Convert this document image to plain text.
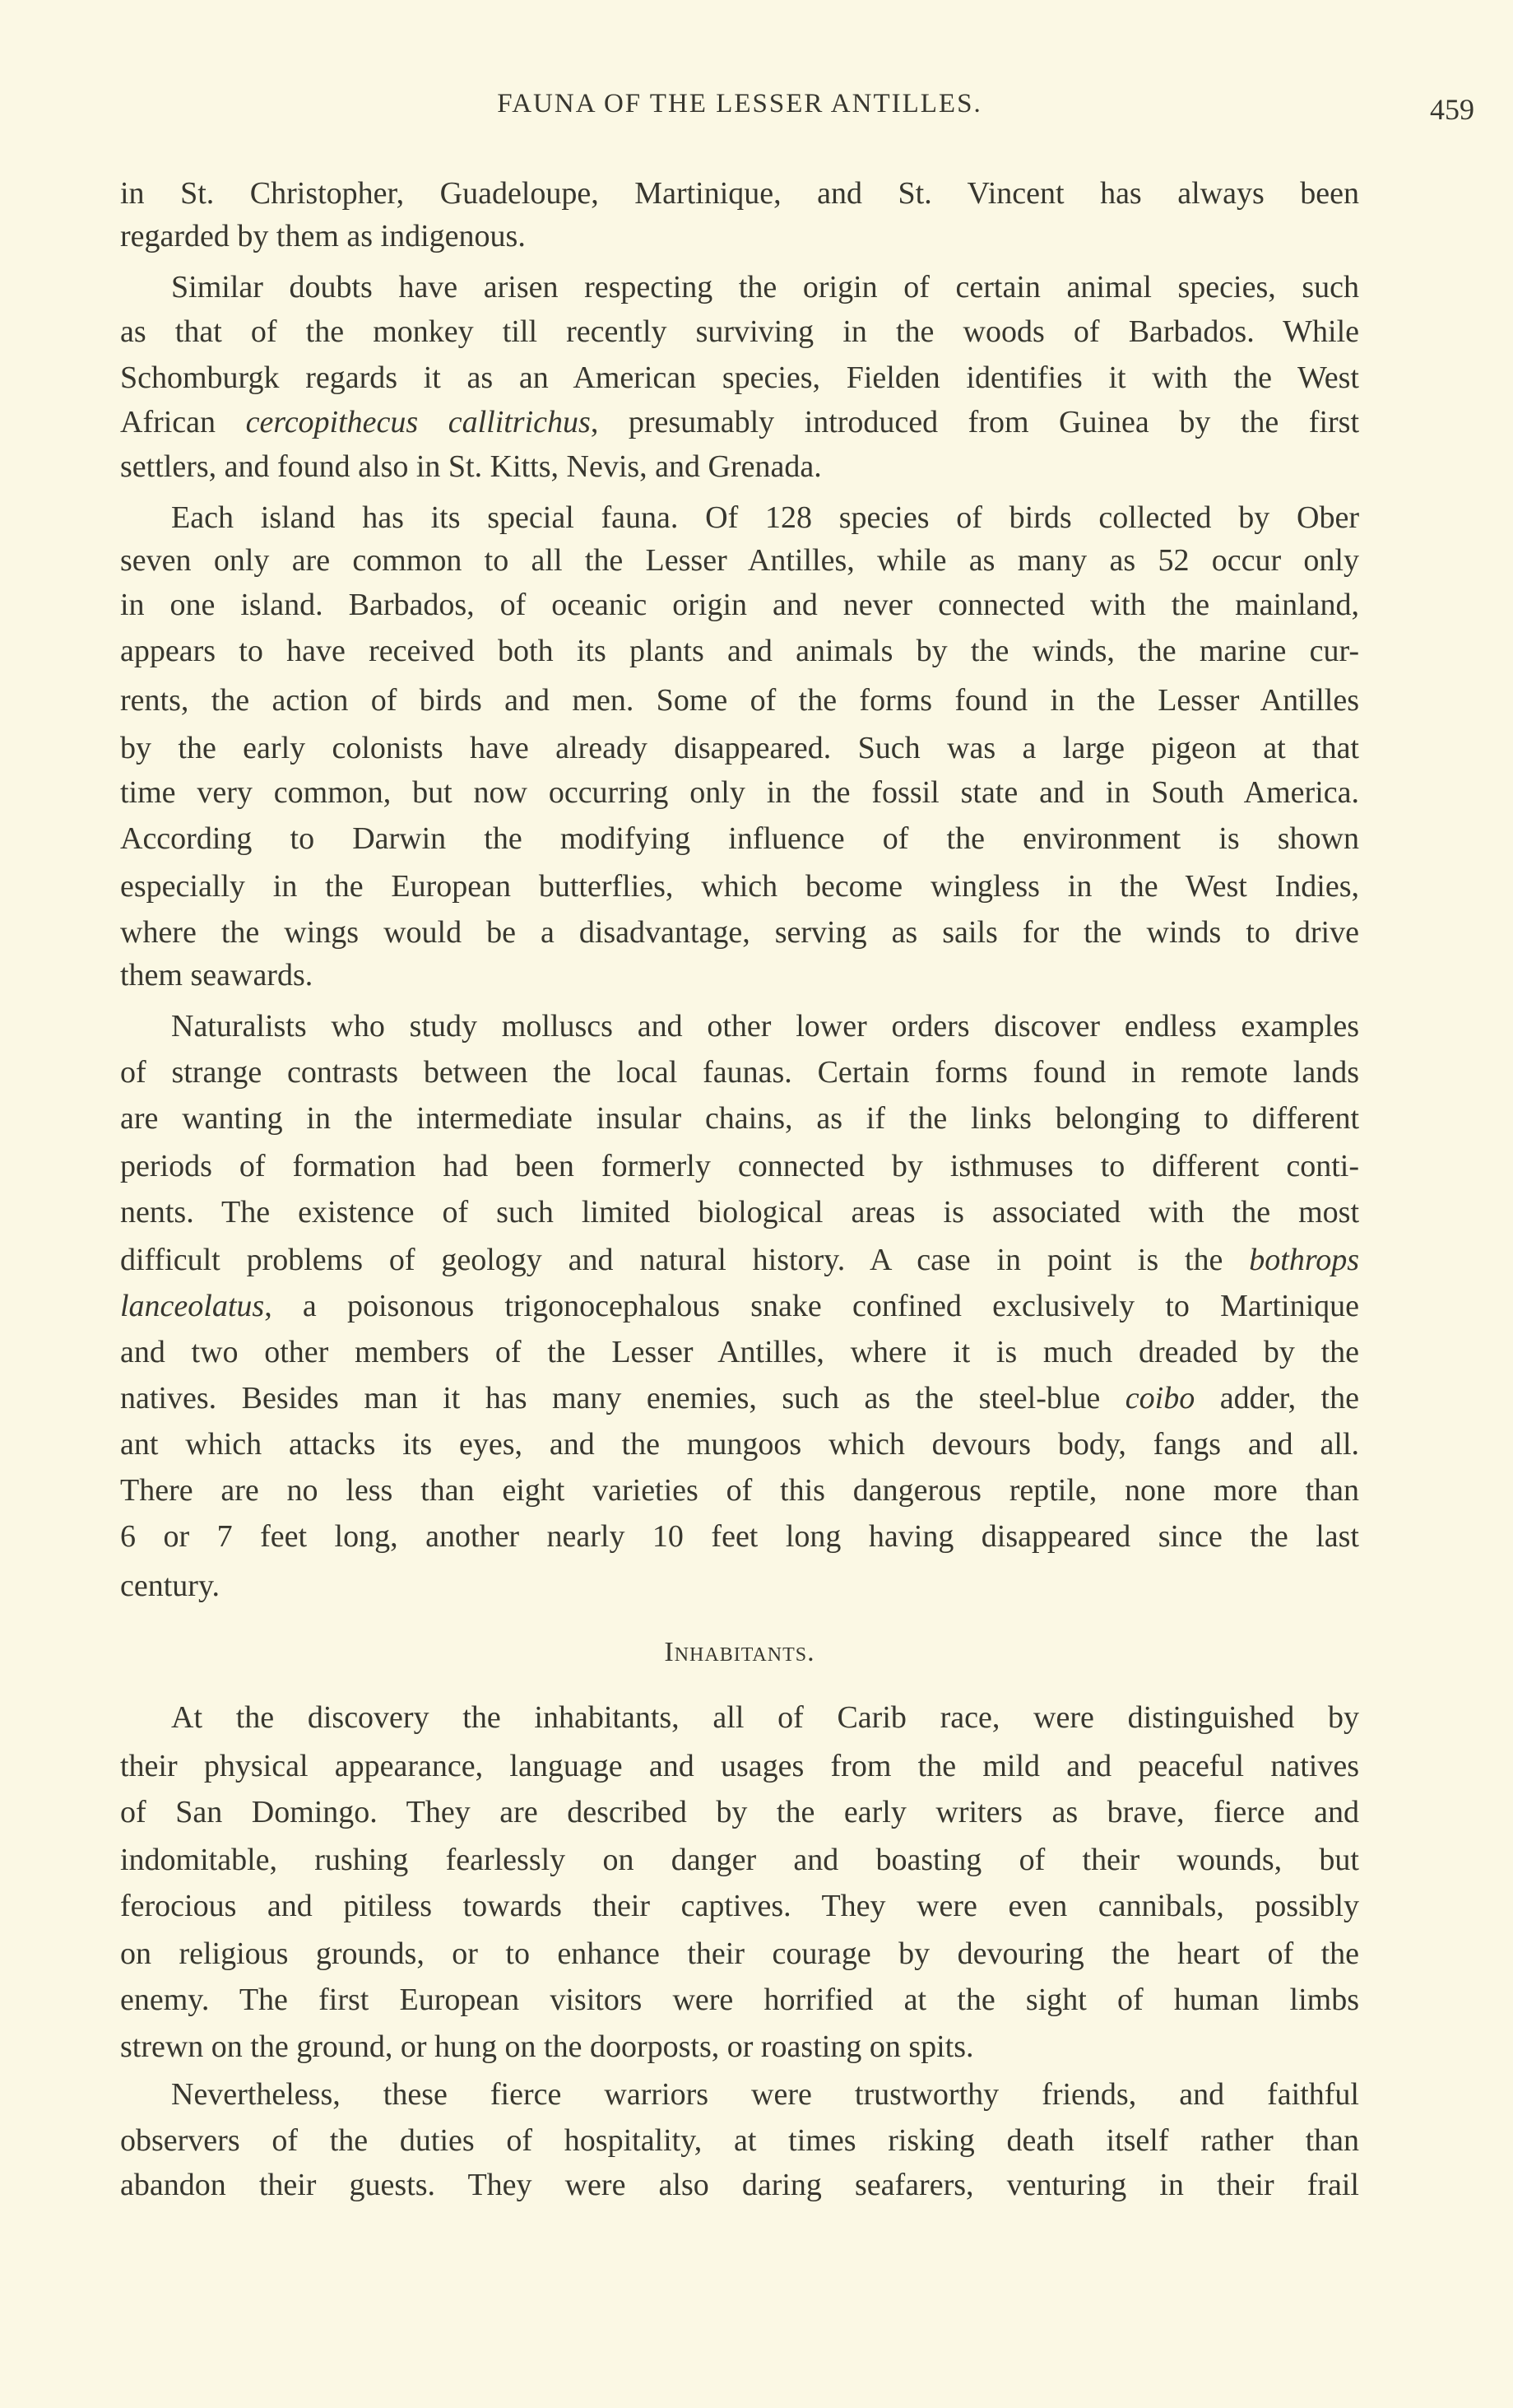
FAUNA OF THE LESSER ANTILLES.	459
in St. Christopher, Guadeloupe, Martinique, and St. Vincent has always been
regarded by them as indigenous.
Similar doubts have arisen respecting the origin of certain animal species, such
as that of the monkey till recently surviving in the woods of Barbados. While
Schomburgk regards it as an American species, Fielden identifies it with the West
African cercopithecus callitrichus, presumably introduced from Guinea by the first
settlers, and found also in St. Kitts, Nevis, and Grenada.
Each island has its special fauna. Of 128 species of birds collected by Ober
seven only are common to all the Lesser Antilles, while as many as 52 occur only
in one island. Barbados, of oceanic origin and never connected with the mainland,
appears to have received both its plants and animals by the winds, the marine cur-
rents, the action of birds and men. Some of the forms found in the Lesser Antilles
by the early colonists have already disappeared. Such was a large pigeon at that
time very common, but now occurring only in the fossil state and in South America.
According to Darwin the modifying influence of the environment is shown
especially in the European butterflies, which become wingless in the West Indies,
where the wings would be a disadvantage, serving as sails for the winds to drive
them seawards.
Naturalists who study molluscs and other lower orders discover endless examples
of strange contrasts between the local faunas. Certain forms found in remote lands
are wanting in the intermediate insular chains, as if the links belonging to different
periods of formation had been formerly connected by isthmuses to different conti-
nents. The existence of such limited biological areas is associated with the most
difficult problems of geology and natural history. A case in point is the bothrops
lanceolatus, a poisonous trigonocephalous snake confined exclusively to Martinique
and two other members of the Lesser Antilles, where it is much dreaded by the
natives. Besides man it has many enemies, such as the steel-blue coibo adder, the
ant which attacks its eyes, and the mungoos which devours body, fangs and all.
There are no less than eight varieties of this dangerous reptile, none more than
6 or 7 feet long, another nearly 10 feet long having disappeared since the last
century.
Inhabitants.
At the discovery the inhabitants, all of Carib race, were distinguished by
their physical appearance, language and usages from the mild and peaceful natives
of San Domingo. They are described by the early writers as brave, fierce and
indomitable, rushing fearlessly on danger and boasting of their wounds, but
ferocious and pitiless towards their captives. They were even cannibals, possibly
on religious grounds, or to enhance their courage by devouring the heart of the
enemy. The first European visitors were horrified at the sight of human limbs
strewn on the ground, or hung on the doorposts, or roasting on spits.
Nevertheless, these fierce warriors were trustworthy friends, and faithful
observers of the duties of hospitality, at times risking death itself rather than
abandon their guests. They were also daring seafarers, venturing in their frail
